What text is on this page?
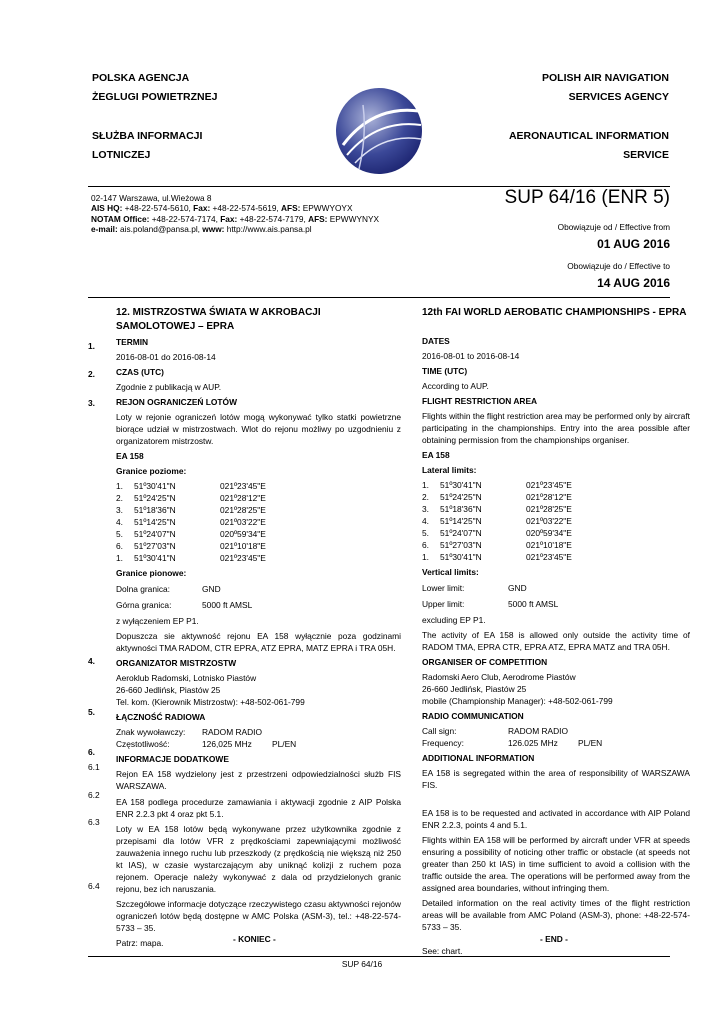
POLSKA AGENCJA
ŻEGLUGI POWIETRZNEJ
SŁUŻBA INFORMACJI
LOTNICZEJ
POLISH AIR NAVIGATION
SERVICES AGENCY
AERONAUTICAL INFORMATION
SERVICE
02-147 Warszawa, ul.Wieżowa 8
AIS HQ: +48-22-574-5610, Fax: +48-22-574-5619, AFS: EPWWYOYX
NOTAM Office: +48-22-574-7174, Fax: +48-22-574-7179, AFS: EPWWYNYX
e-mail: ais.poland@pansa.pl, www: http://www.ais.pansa.pl
SUP 64/16 (ENR 5)
Obowiązuje od / Effective from
01 AUG 2016
Obowiązuje do / Effective to
14 AUG 2016
1.
2.
3.
4.
5.
6.
6.1
6.2
6.3
6.4
12. MISTRZOSTWA ŚWIATA W AKROBACJI
SAMOLOTOWEJ – EPRA

TERMIN

2016-08-01 do 2016-08-14

CZAS (UTC)

Zgodnie z publikacją w AUP.

REJON OGRANICZEŃ LOTÓW

Loty w rejonie ograniczeń lotów mogą wykonywać tylko statki powietrzne biorące udział w mistrzostwach. Wlot do rejonu możliwy po uzgodnieniu z organizatorem mistrzostw.

EA 158

Granice poziome:

1.	51º30'41"N	021º23'45"E
2.	51º24'25"N	021º28'12"E
3.	51º18'36"N	021º28'25"E
4.	51º14'25"N	021º03'22"E
5.	51º24'07"N	020º59'34"E
6.	51º27'03"N	021º10'18"E
1.	51º30'41"N	021º23'45"E

Granice pionowe:

Dolna granica:	GND
Górna granica:	5000 ft AMSL

z wyłączeniem EP P1.

Dopuszcza sie aktywność rejonu EA 158 wyłącznie poza godzinami aktywności TMA RADOM, CTR EPRA, ATZ EPRA, MATZ EPRA i TRA 05H.

ORGANIZATOR MISTRZOSTW

Aeroklub Radomski, Lotnisko Piastów

26-660 Jedlińsk, Piastów 25

Tel. kom. (Kierownik Mistrzostw): +48-502-061-799

ŁĄCZNOŚĆ RADIOWA

Znak wywoławczy:	RADOM RADIO
Częstotliwość:	126,025 MHz	PL/EN

INFORMACJE DODATKOWE

Rejon EA 158 wydzielony jest z przestrzeni odpowiedzialności służb FIS WARSZAWA.

EA 158 podlega procedurze zamawiania i aktywacji zgodnie z AIP Polska ENR 2.2.3 pkt 4 oraz pkt 5.1.

Loty w EA 158 lotów będą wykonywane przez użytkownika zgodnie z przepisami dla lotów VFR z prędkościami zapewniającymi możliwość zauważenia innego ruchu lub przeszkody (z prędkością nie większą niż 250 kt IAS), w czasie wystarczającym aby uniknąć kolizji z ruchem poza rejonem. Operacje należy wykonywać z dala od przydzielonych granic rejonu, bez ich naruszania.

Szczegółowe informacje dotyczące rzeczywistego czasu aktywności rejonów ograniczeń lotów będą dostępne w AMC Polska (ASM-3), tel.: +48-22-574-5733 – 35.

Patrz: mapa.

12th FAI WORLD AEROBATIC CHAMPIONSHIPS - EPRA

DATES

2016-08-01 to 2016-08-14

TIME (UTC)

According to AUP.

FLIGHT RESTRICTION AREA

Flights within the flight restriction area may be performed only by aircraft participating in the championships. Entry into the area possible after obtaining permission from the championships organiser.

EA 158

Lateral limits:

1.	51º30'41"N	021º23'45"E
2.	51º24'25"N	021º28'12"E
3.	51º18'36"N	021º28'25"E
4.	51º14'25"N	021º03'22"E
5.	51º24'07"N	020º59'34"E
6.	51º27'03"N	021º10'18"E
1.	51º30'41"N	021º23'45"E

Vertical limits:

Lower limit:	GND
Upper limit:	5000 ft AMSL

excluding EP P1.

The activity of EA 158 is allowed only outside the activity time of RADOM TMA, EPRA CTR, EPRA ATZ, EPRA MATZ and TRA 05H.

ORGANISER OF COMPETITION

Radomski Aero Club, Aerodrome Piastów

26-660 Jedlińsk, Piastów 25

mobile (Championship Manager): +48-502-061-799

RADIO COMMUNICATION

Call sign:	RADOM RADIO
Frequency:	126.025 MHz	PL/EN

ADDITIONAL INFORMATION

EA 158 is segregated within the area of responsibility of WARSZAWA FIS.

EA 158 is to be requested and activated in accordance with AIP Poland ENR 2.2.3, points 4 and 5.1.

Flights within EA 158 will be performed by aircraft under VFR at speeds ensuring a possibility of noticing other traffic or obstacle (at speeds not greater than 250 kt IAS) in time sufficient to avoid a collision with the traffic outside the area. The operations will be performed away from the assigned area boundaries, without infringing them.

Detailed information on the real activity times of the flight restriction areas will be available from AMC Poland (ASM-3), phone: +48-22-574-5733 – 35.

See: chart.

- KONIEC -	- END -
SUP 64/16
